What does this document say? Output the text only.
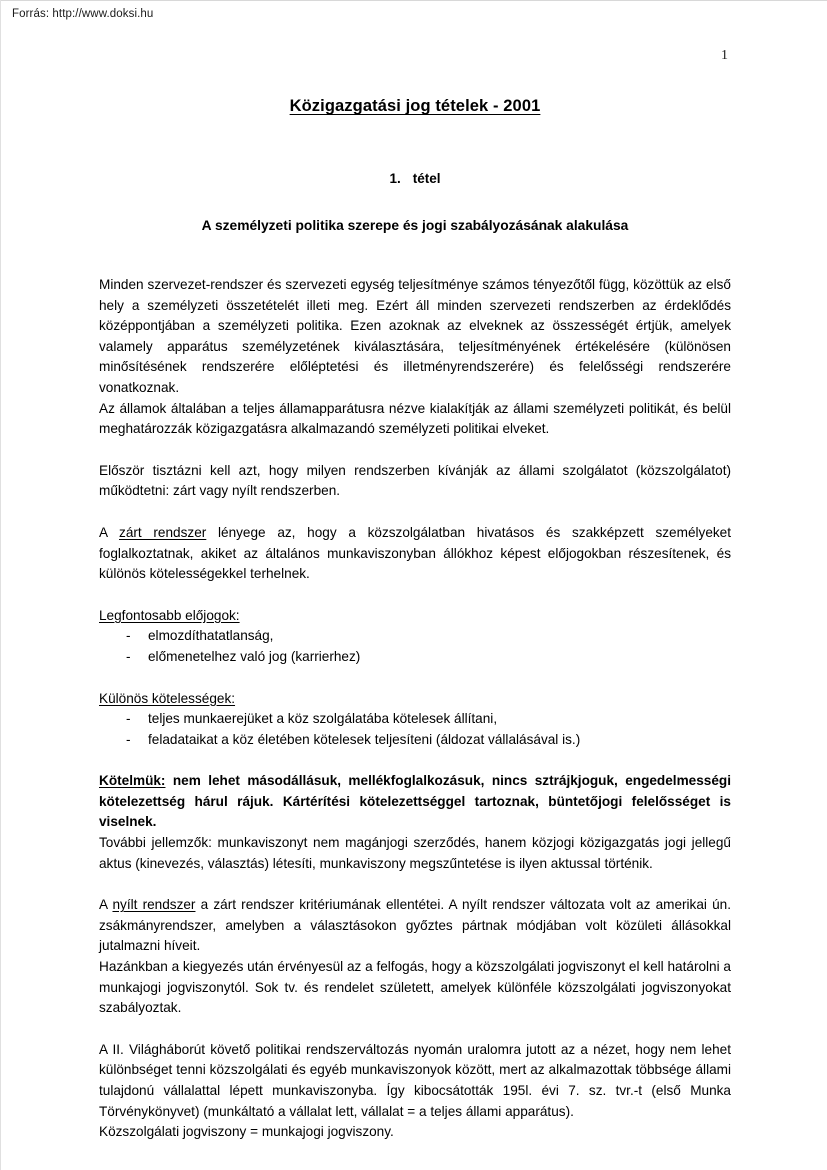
Forrás: http://www.doksi.hu
1
Közigazgatási jog tételek - 2001
1. tétel
A személyzeti politika szerepe és jogi szabályozásának alakulása

Minden szervezet-rendszer és szervezeti egység teljesítménye számos tényezőtől függ, közöttük az első hely a személyzeti összetételét illeti meg. Ezért áll minden szervezeti rendszerben az érdeklődés középpontjában a személyzeti politika. Ezen azoknak az elveknek az összességét értjük, amelyek valamely apparátus személyzetének kiválasztására, teljesítményének értékelésére (különösen minősítésének rendszerére előléptetési és illetményrendszerére) és felelősségi rendszerére vonatkoznak.

Az államok általában a teljes államapparátusra nézve kialakítják az állami személyzeti politikát, és belül meghatározzák közigazgatásra alkalmazandó személyzeti politikai elveket.

Először tisztázni kell azt, hogy milyen rendszerben kívánják az állami szolgálatot (közszolgálatot) működtetni: zárt vagy nyílt rendszerben.

A zárt rendszer lényege az, hogy a közszolgálatban hivatásos és szakképzett személyeket foglalkoztatnak, akiket az általános munkaviszonyban állókhoz képest előjogokban részesítenek, és különös kötelességekkel terhelnek.

Legfontosabb előjogok:

- elmozdíthatatlanság,
- előmenetelhez való jog (karrierhez)

Különös kötelességek:

- teljes munkaerejüket a köz szolgálatába kötelesek állítani,
- feladataikat a köz életében kötelesek teljesíteni (áldozat vállalásával is.)

Kötelmük: nem lehet másodállásuk, mellékfoglalkozásuk, nincs sztrájkjoguk, engedelmességi kötelezettség hárul rájuk. Kártérítési kötelezettséggel tartoznak, büntetőjogi felelősséget is viselnek.

További jellemzők: munkaviszonyt nem magánjogi szerződés, hanem közjogi közigazgatás jogi jellegű aktus (kinevezés, választás) létesíti, munkaviszony megszűntetése is ilyen aktussal történik.

A nyílt rendszer a zárt rendszer kritériumának ellentétei. A nyílt rendszer változata volt az amerikai ún. zsákmányrendszer, amelyben a választásokon győztes pártnak módjában volt közületi állásokkal jutalmazni híveit.

Hazánkban a kiegyezés után érvényesül az a felfogás, hogy a közszolgálati jogviszonyt el kell határolni a munkajogi jogviszonytól. Sok tv. és rendelet született, amelyek különféle közszolgálati jogviszonyokat szabályoztak.

A II. Világháborút követő politikai rendszerváltozás nyomán uralomra jutott az a nézet, hogy nem lehet különbséget tenni közszolgálati és egyéb munkaviszonyok között, mert az alkalmazottak többsége állami tulajdonú vállalattal lépett munkaviszonyba. Így kibocsátották 195l. évi 7. sz. tvr.-t (első Munka Törvénykönyvet) (munkáltató a vállalat lett, vállalat = a teljes állami apparátus).

Közszolgálati jogviszony = munkajogi jogviszony.
